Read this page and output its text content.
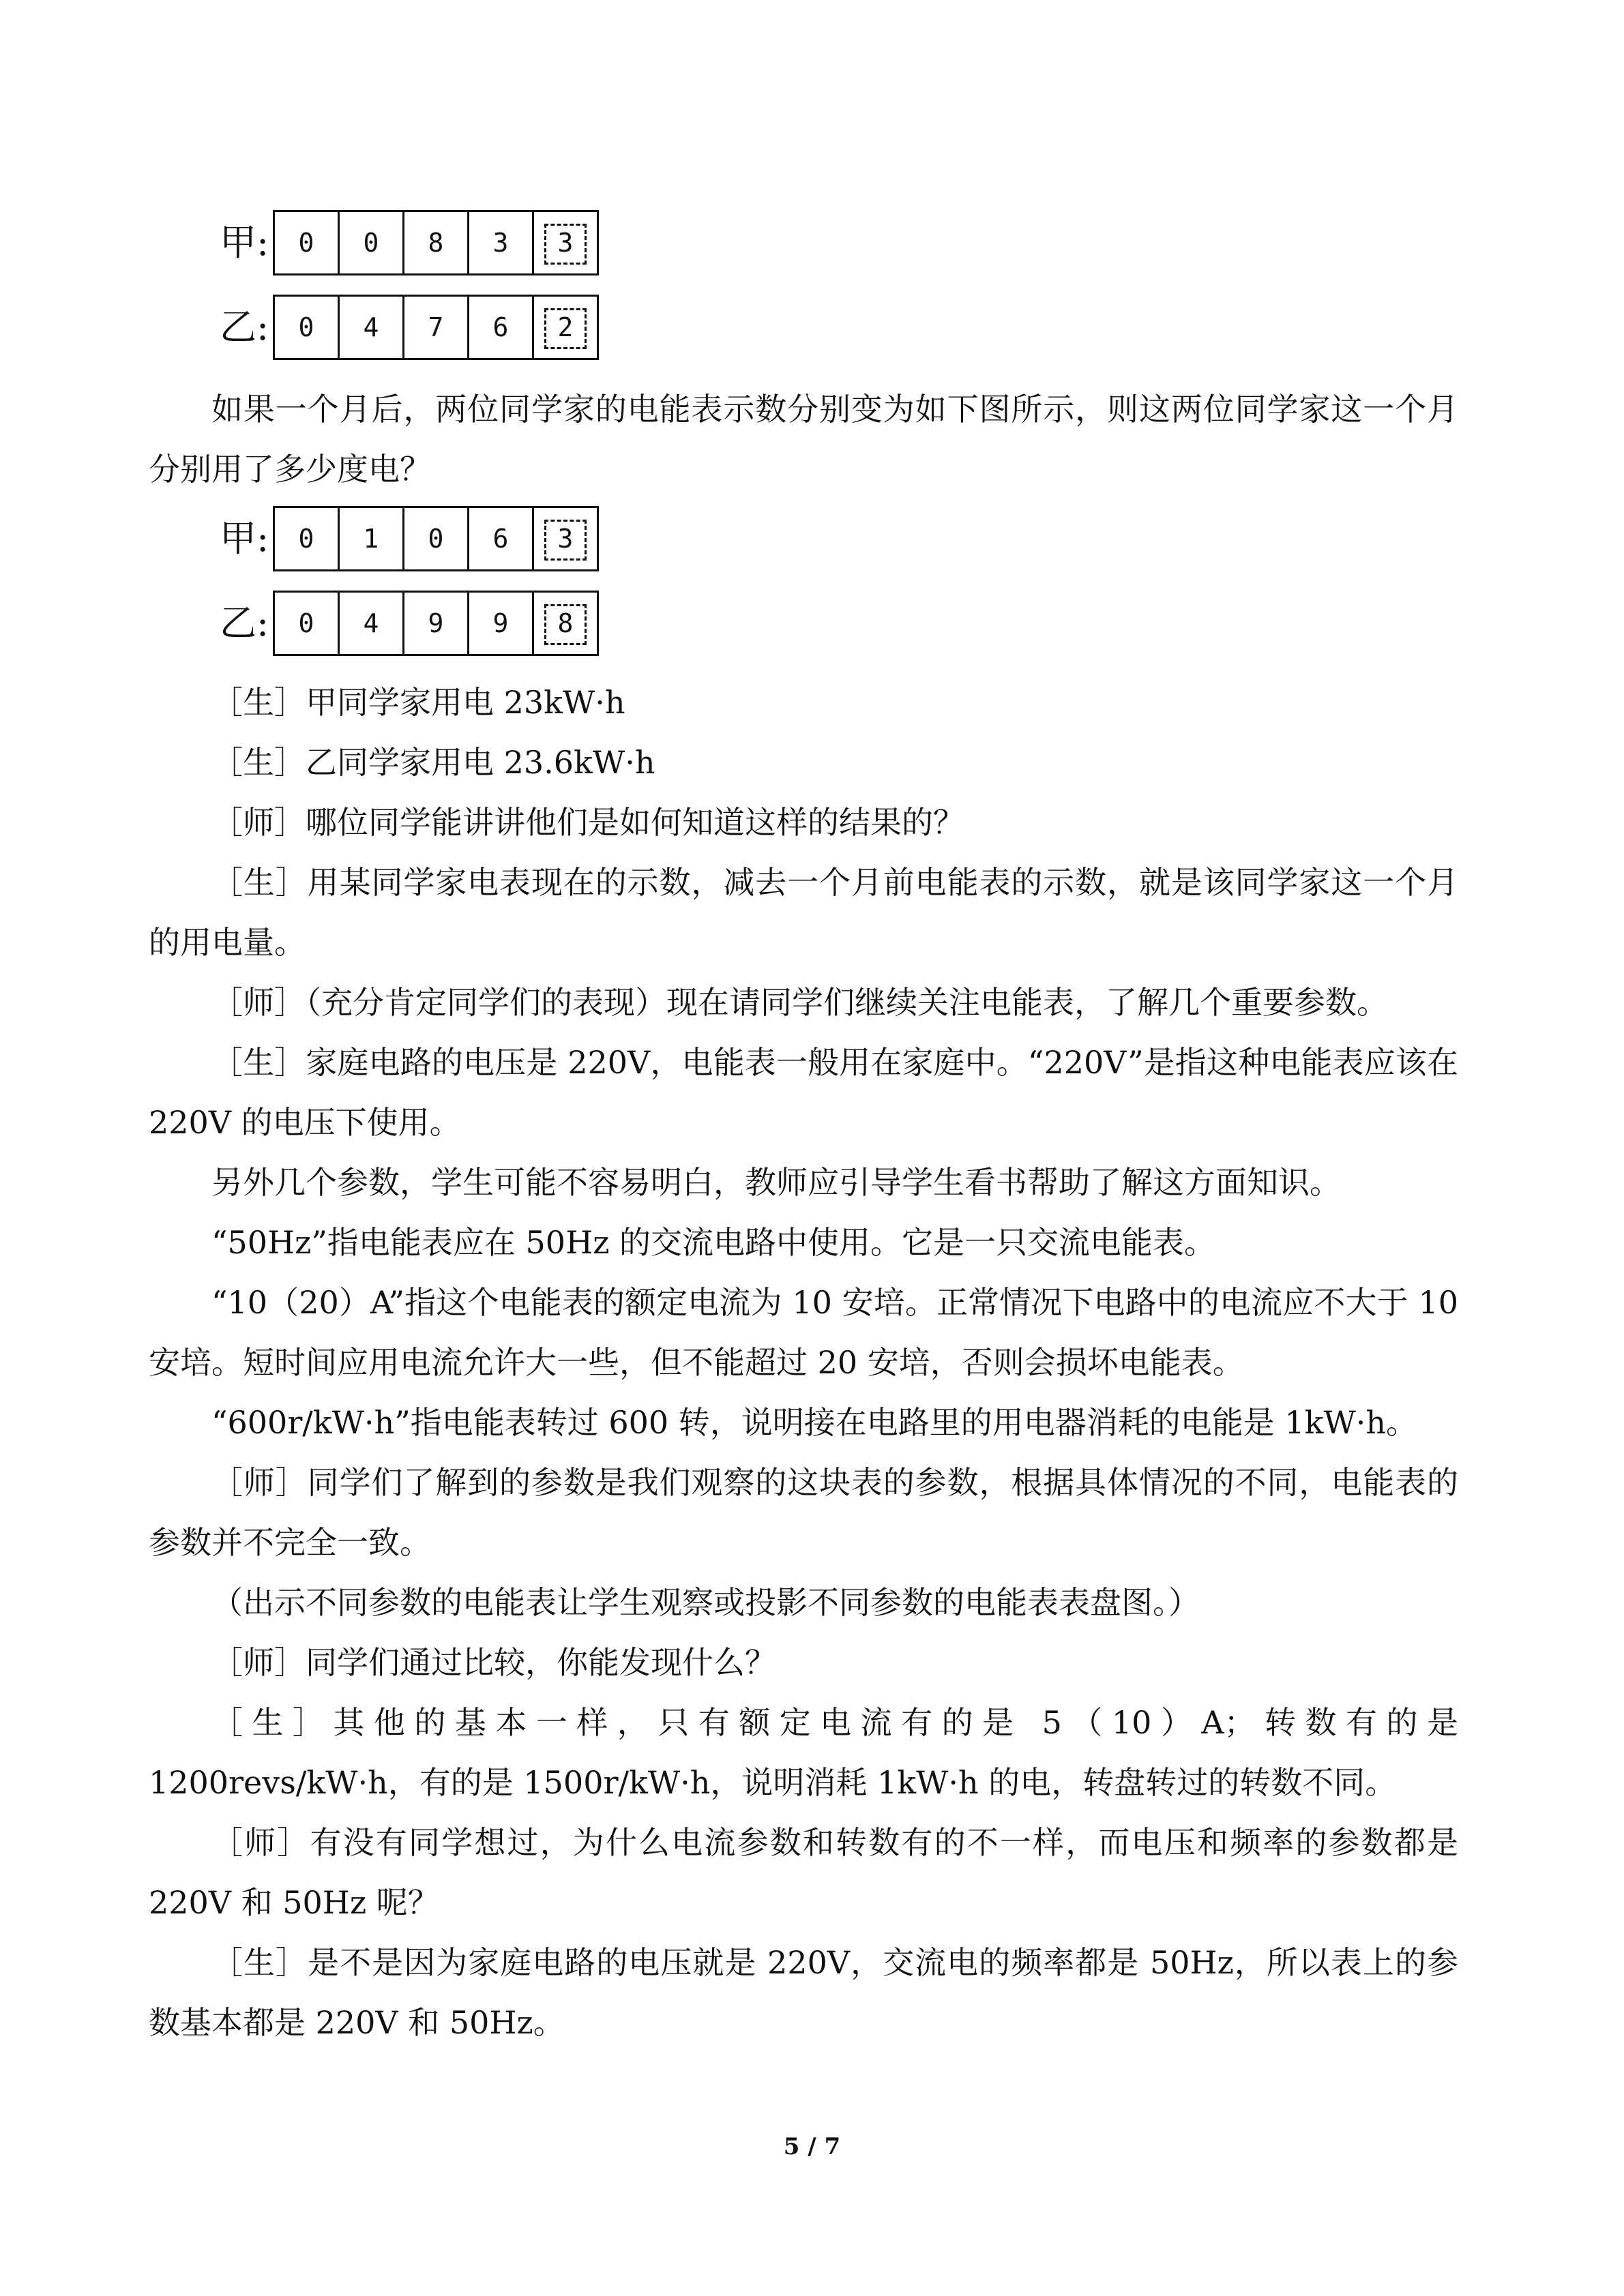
甲:	0	0	8	3	3
乙:	0	4	7	6	2

如果一个月后，两位同学家的电能表示数分别变为如下图所示，则这两位同学家这一个月分别用了多少度电？

甲:	0	1	0	6	3
乙:	0	4	9	9	8

［生］甲同学家用电 23kW·h

［生］乙同学家用电 23.6kW·h

［师］哪位同学能讲讲他们是如何知道这样的结果的？

［生］用某同学家电表现在的示数，减去一个月前电能表的示数，就是该同学家这一个月的用电量。

［师］（充分肯定同学们的表现）现在请同学们继续关注电能表，了解几个重要参数。

［生］家庭电路的电压是 220V，电能表一般用在家庭中。“220V”是指这种电能表应该在 220V 的电压下使用。

另外几个参数，学生可能不容易明白，教师应引导学生看书帮助了解这方面知识。

“50Hz”指电能表应在 50Hz 的交流电路中使用。它是一只交流电能表。

“10（20）A”指这个电能表的额定电流为 10 安培。正常情况下电路中的电流应不大于 10 安培。短时间应用电流允许大一些，但不能超过 20 安培，否则会损坏电能表。

“600r/kW·h”指电能表转过 600 转，说明接在电路里的用电器消耗的电能是 1kW·h。

［师］同学们了解到的参数是我们观察的这块表的参数，根据具体情况的不同，电能表的参数并不完全一致。

（出示不同参数的电能表让学生观察或投影不同参数的电能表表盘图。）

［师］同学们通过比较，你能发现什么？

［生］其他的基本一样，只有额定电流有的是 5（10）A；转数有的是 1200revs/kW·h，有的是 1500r/kW·h，说明消耗 1kW·h 的电，转盘转过的转数不同。

［师］有没有同学想过，为什么电流参数和转数有的不一样，而电压和频率的参数都是 220V 和 50Hz 呢？

［生］是不是因为家庭电路的电压就是 220V，交流电的频率都是 50Hz，所以表上的参数基本都是 220V 和 50Hz。

5 / 7
